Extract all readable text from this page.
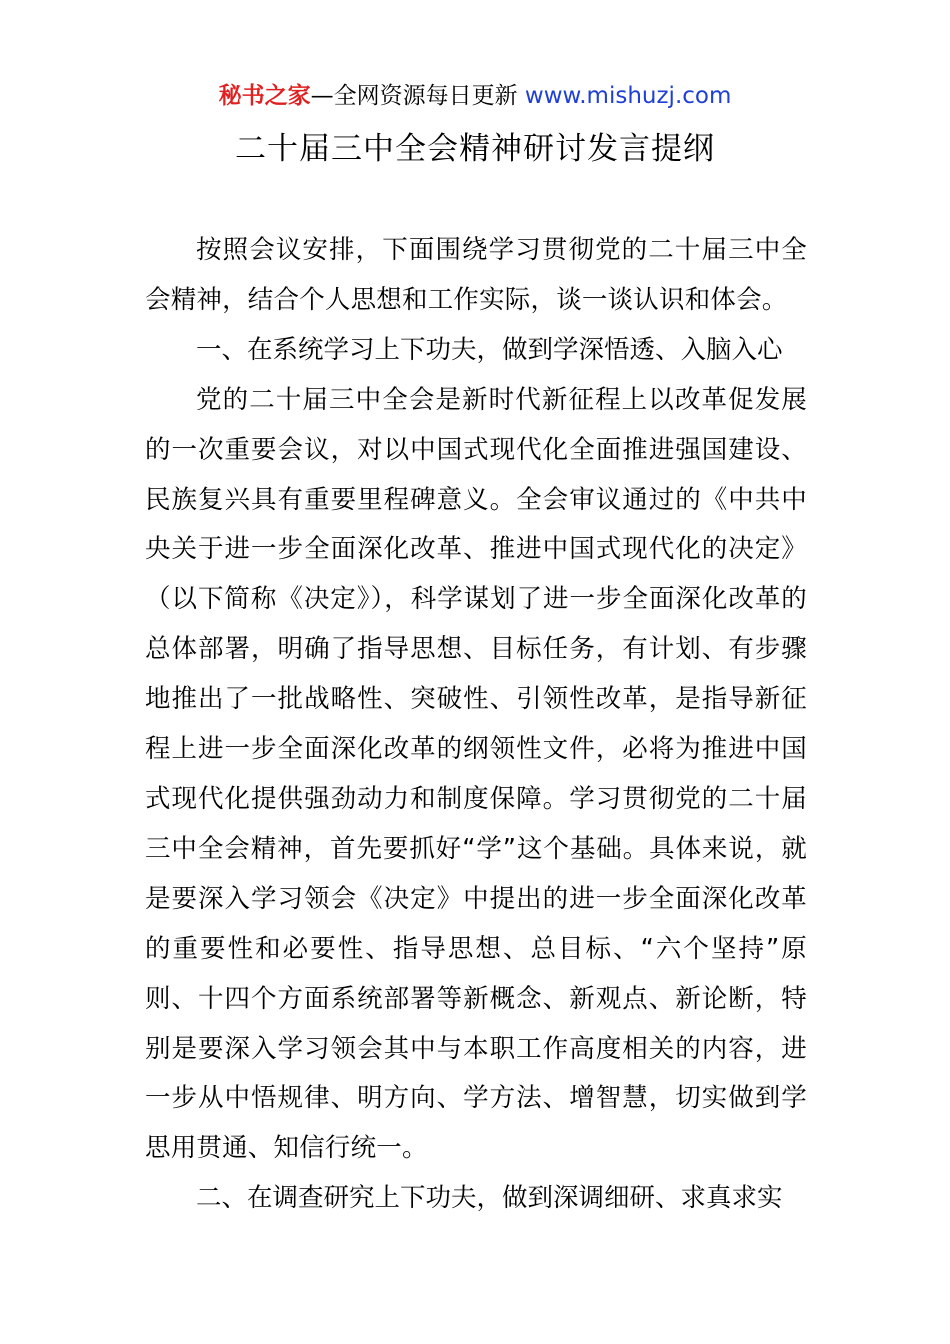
秘书之家—全网资源每日更新 www.mishuzj.com
二十届三中全会精神研讨发言提纲

按照会议安排，下面围绕学习贯彻党的二十届三中全会精神，结合个人思想和工作实际，谈一谈认识和体会。

一、在系统学习上下功夫，做到学深悟透、入脑入心

党的二十届三中全会是新时代新征程上以改革促发展的一次重要会议，对以中国式现代化全面推进强国建设、民族复兴具有重要里程碑意义。全会审议通过的《中共中央关于进一步全面深化改革、推进中国式现代化的决定》（以下简称《决定》），科学谋划了进一步全面深化改革的总体部署，明确了指导思想、目标任务，有计划、有步骤地推出了一批战略性、突破性、引领性改革，是指导新征程上进一步全面深化改革的纲领性文件，必将为推进中国式现代化提供强劲动力和制度保障。学习贯彻党的二十届三中全会精神，首先要抓好“学”这个基础。具体来说，就是要深入学习领会《决定》中提出的进一步全面深化改革的重要性和必要性、指导思想、总目标、“六个坚持”原则、十四个方面系统部署等新概念、新观点、新论断，特别是要深入学习领会其中与本职工作高度相关的内容，进一步从中悟规律、明方向、学方法、增智慧，切实做到学思用贯通、知信行统一。

二、在调查研究上下功夫，做到深调细研、求真求实
